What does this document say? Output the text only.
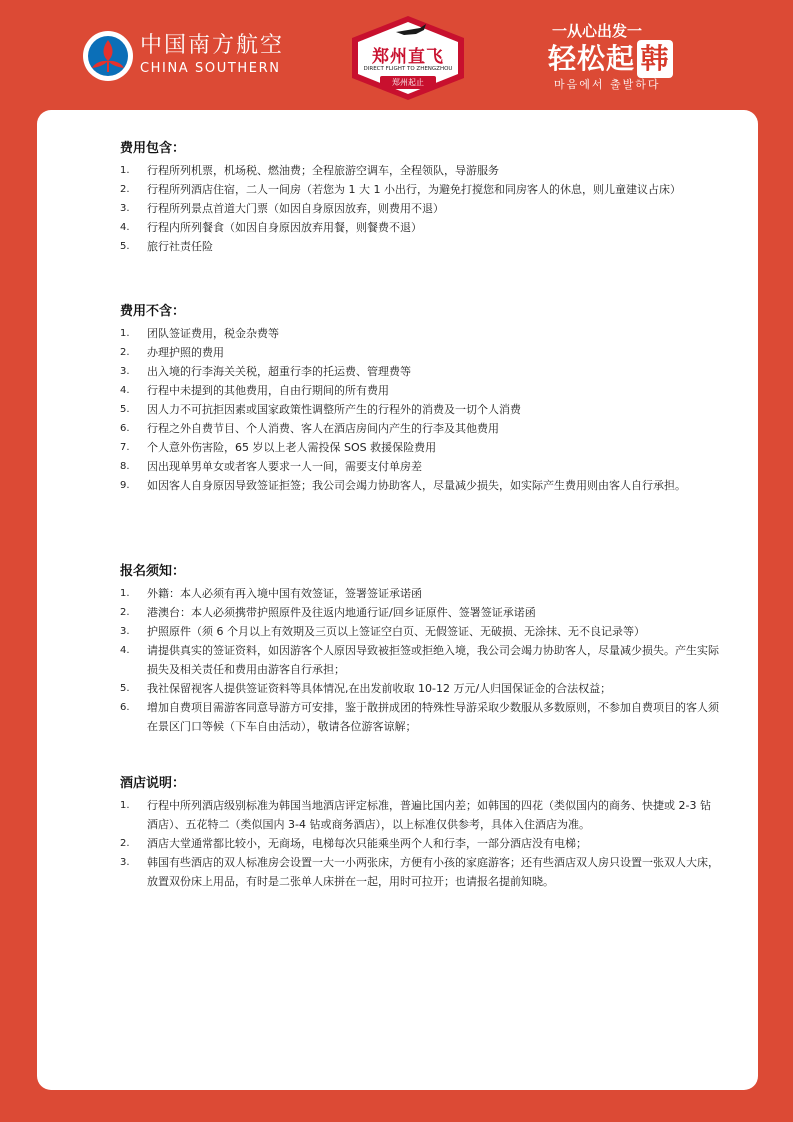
中国南方航空
CHINA SOUTHERN
郑州直飞
DIRECT FLIGHT TO ZHENGZHOU
郑州起止
一从心出发一
轻松起 韩
마음에서 출발하다
费用包含：
1.	行程所列机票，机场税、燃油费；全程旅游空调车，全程领队，导游服务
2.	行程所列酒店住宿，二人一间房（若您为 1 大 1 小出行，为避免打搅您和同房客人的休息，则儿童建议占床）
3.	行程所列景点首道大门票（如因自身原因放弃，则费用不退）
4.	行程内所列餐食（如因自身原因放弃用餐，则餐费不退）
5.	旅行社责任险
费用不含：
1.	团队签证费用，税金杂费等
2.	办理护照的费用
3.	出入境的行李海关关税，超重行李的托运费、管理费等
4.	行程中未提到的其他费用，自由行期间的所有费用
5.	因人力不可抗拒因素或国家政策性调整所产生的行程外的消费及一切个人消费
6.	行程之外自费节目、个人消费、客人在酒店房间内产生的行李及其他费用
7.	个人意外伤害险，65 岁以上老人需投保 SOS 救援保险费用
8.	因出现单男单女或者客人要求一人一间，需要支付单房差
9.	如因客人自身原因导致签证拒签；我公司会竭力协助客人，尽量减少损失，如实际产生费用则由客人自行承担。
报名须知：
1.	外籍：本人必须有再入境中国有效签证，签署签证承诺函
2.	港澳台：本人必须携带护照原件及往返内地通行证/回乡证原件、签署签证承诺函
3.	护照原件（须 6 个月以上有效期及三页以上签证空白页、无假签证、无破损、无涂抹、无不良记录等）
4.	请提供真实的签证资料，如因游客个人原因导致被拒签或拒绝入境，我公司会竭力协助客人，尽量减少损失。产生实际损失及相关责任和费用由游客自行承担；
5.	我社保留视客人提供签证资料等具体情况,在出发前收取 10-12 万元/人归国保证金的合法权益；
6.	增加自费项目需游客同意导游方可安排，鉴于散拼成团的特殊性导游采取少数服从多数原则，不参加自费项目的客人须在景区门口等候（下车自由活动），敬请各位游客谅解；
酒店说明：
1.	行程中所列酒店级别标准为韩国当地酒店评定标准，普遍比国内差；如韩国的四花（类似国内的商务、快捷或 2-3 钻酒店）、五花特二（类似国内 3-4 钻或商务酒店），以上标准仅供参考，具体入住酒店为准。
2.	酒店大堂通常都比较小，无商场，电梯每次只能乘坐两个人和行李，一部分酒店没有电梯；
3.	韩国有些酒店的双人标准房会设置一大一小两张床，方便有小孩的家庭游客；还有些酒店双人房只设置一张双人大床，放置双份床上用品，有时是二张单人床拼在一起，用时可拉开；也请报名提前知晓。
